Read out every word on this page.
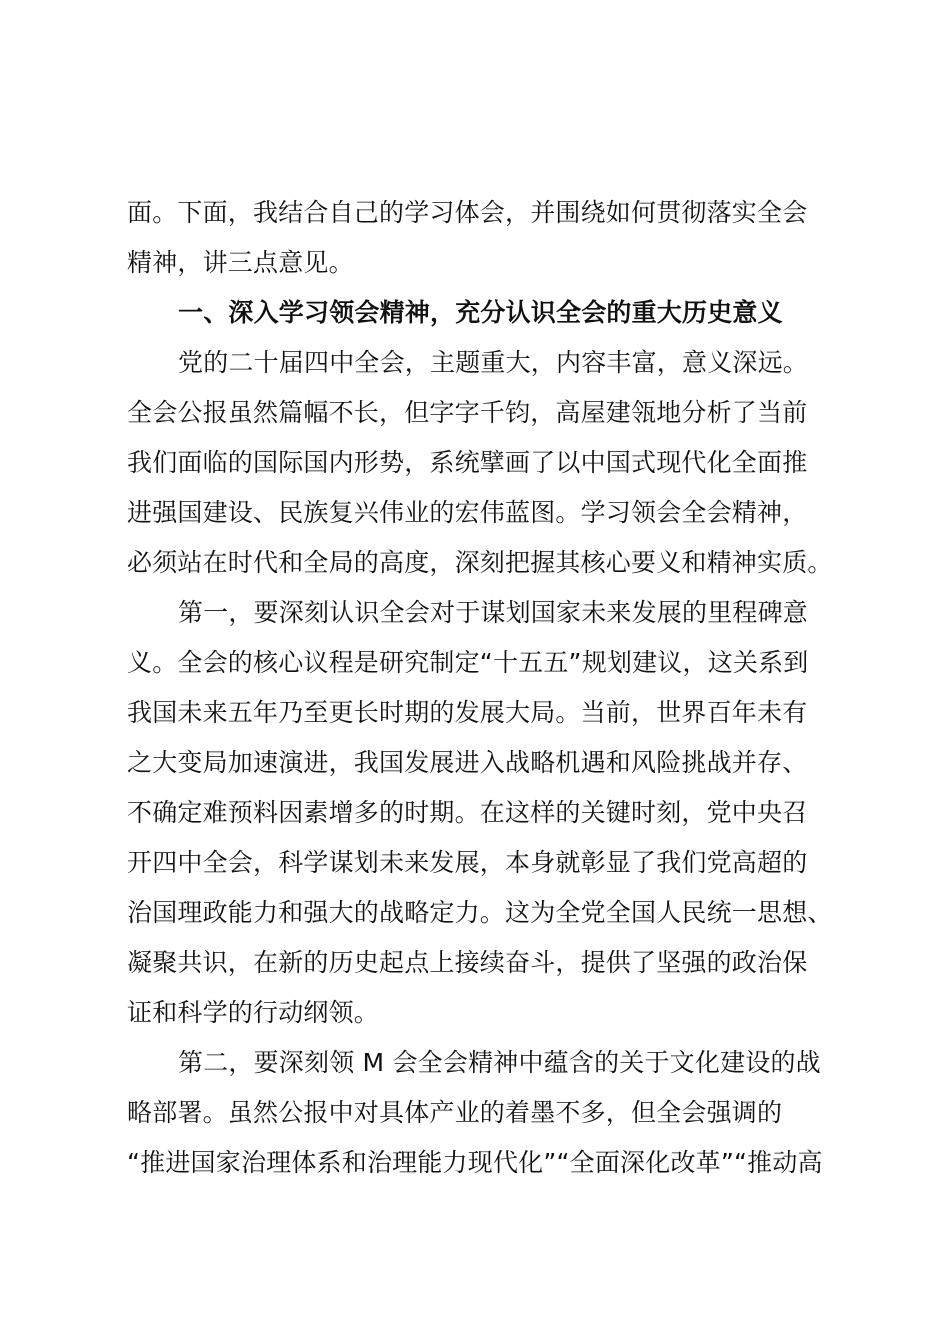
面。下面，我结合自己的学习体会，并围绕如何贯彻落实全会
精神，讲三点意见。
一、深入学习领会精神，充分认识全会的重大历史意义
党的二十届四中全会，主题重大，内容丰富，意义深远。
全会公报虽然篇幅不长，但字字千钧，高屋建瓴地分析了当前
我们面临的国际国内形势，系统擘画了以中国式现代化全面推
进强国建设、民族复兴伟业的宏伟蓝图。学习领会全会精神，
必须站在时代和全局的高度，深刻把握其核心要义和精神实质。
第一，要深刻认识全会对于谋划国家未来发展的里程碑意
义。全会的核心议程是研究制定“十五五”规划建议，这关系到
我国未来五年乃至更长时期的发展大局。当前，世界百年未有
之大变局加速演进，我国发展进入战略机遇和风险挑战并存、
不确定难预料因素增多的时期。在这样的关键时刻，党中央召
开四中全会，科学谋划未来发展，本身就彰显了我们党高超的
治国理政能力和强大的战略定力。这为全党全国人民统一思想、
凝聚共识，在新的历史起点上接续奋斗，提供了坚强的政治保
证和科学的行动纲领。
第二，要深刻领 M 会全会精神中蕴含的关于文化建设的战
略部署。虽然公报中对具体产业的着墨不多，但全会强调的
“推进国家治理体系和治理能力现代化”“全面深化改革”“推动高
